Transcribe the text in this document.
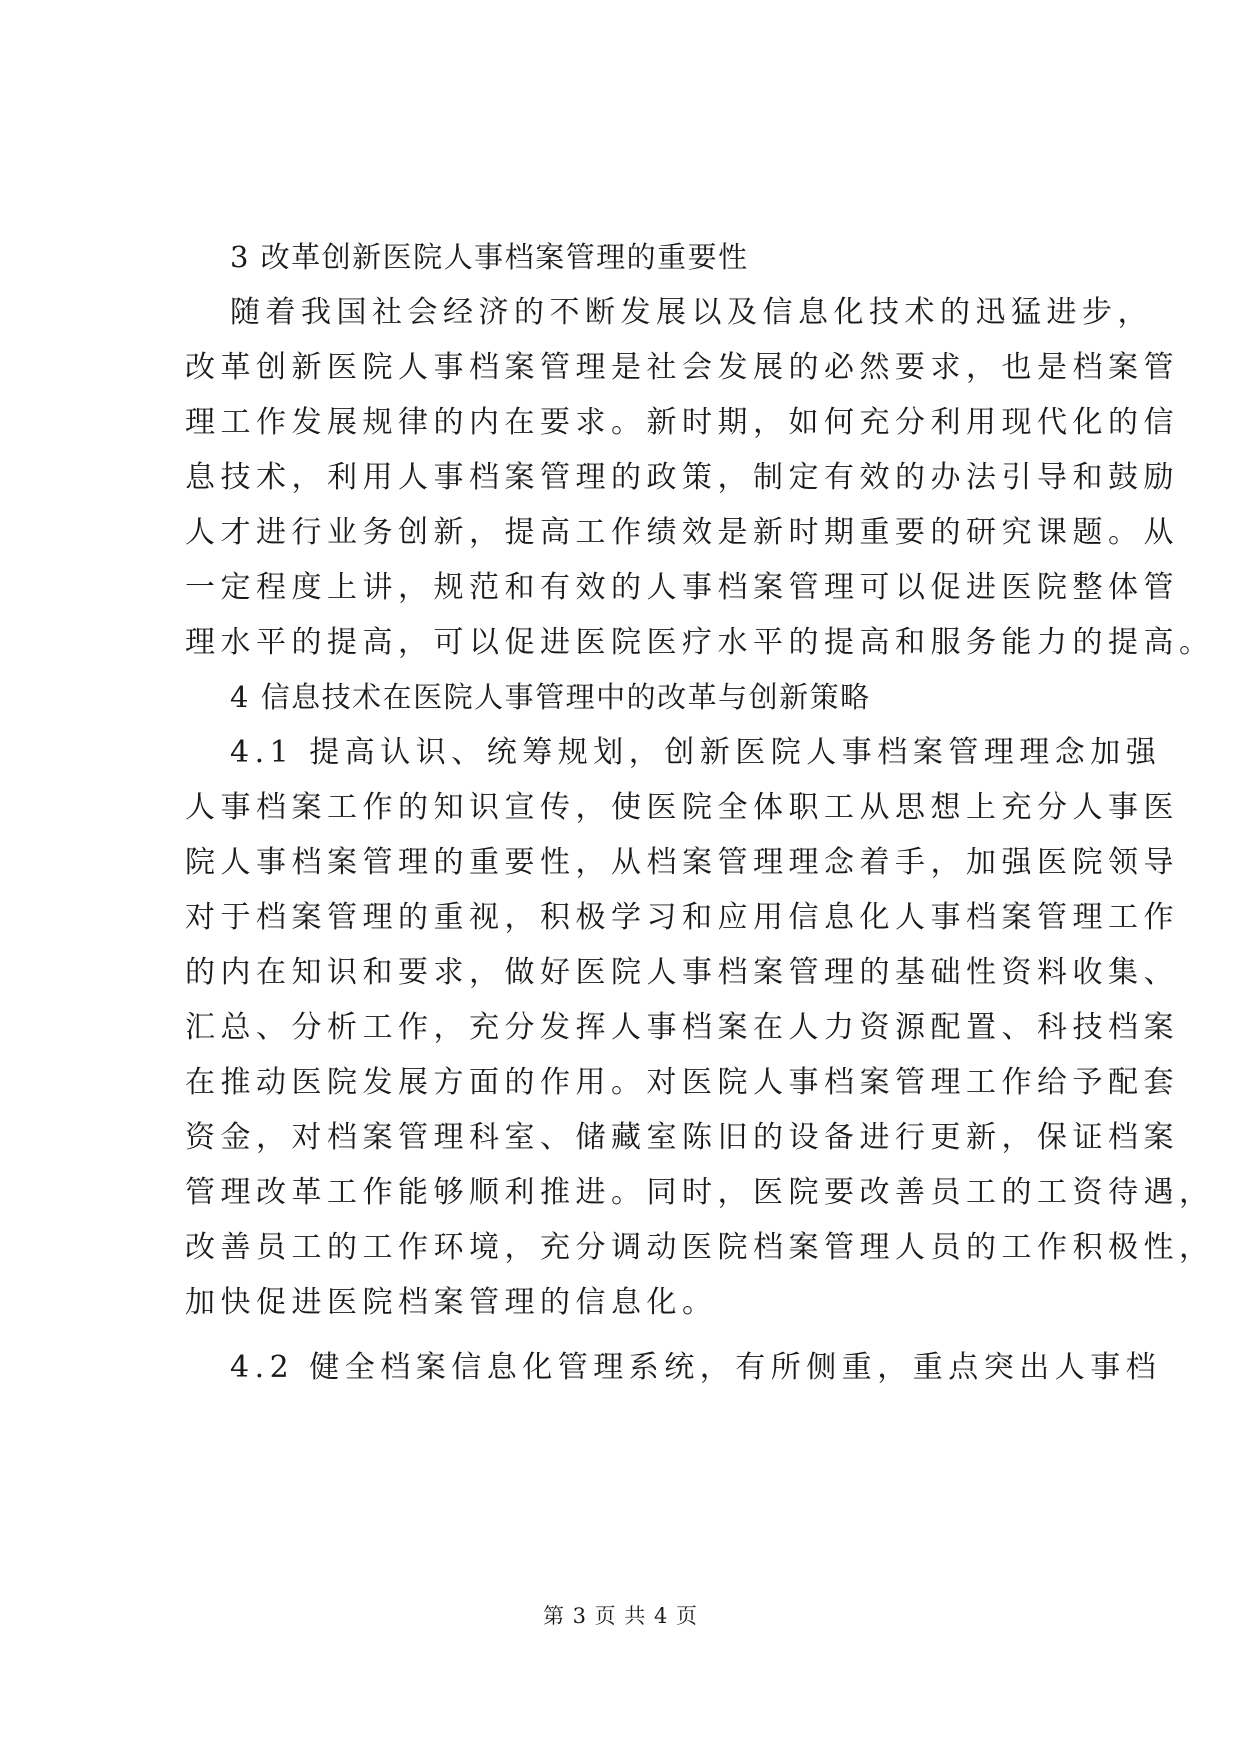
3 改革创新医院人事档案管理的重要性
随着我国社会经济的不断发展以及信息化技术的迅猛进步，
改革创新医院人事档案管理是社会发展的必然要求，也是档案管
理工作发展规律的内在要求。新时期，如何充分利用现代化的信
息技术，利用人事档案管理的政策，制定有效的办法引导和鼓励
人才进行业务创新，提高工作绩效是新时期重要的研究课题。从
一定程度上讲，规范和有效的人事档案管理可以促进医院整体管
理水平的提高，可以促进医院医疗水平的提高和服务能力的提高。
4 信息技术在医院人事管理中的改革与创新策略
4.1 提高认识、统筹规划，创新医院人事档案管理理念加强
人事档案工作的知识宣传，使医院全体职工从思想上充分人事医
院人事档案管理的重要性，从档案管理理念着手，加强医院领导
对于档案管理的重视，积极学习和应用信息化人事档案管理工作
的内在知识和要求，做好医院人事档案管理的基础性资料收集、
汇总、分析工作，充分发挥人事档案在人力资源配置、科技档案
在推动医院发展方面的作用。对医院人事档案管理工作给予配套
资金，对档案管理科室、储藏室陈旧的设备进行更新，保证档案
管理改革工作能够顺利推进。同时，医院要改善员工的工资待遇，
改善员工的工作环境，充分调动医院档案管理人员的工作积极性，
加快促进医院档案管理的信息化。
4.2 健全档案信息化管理系统，有所侧重，重点突出人事档
第 3 页 共 4 页
